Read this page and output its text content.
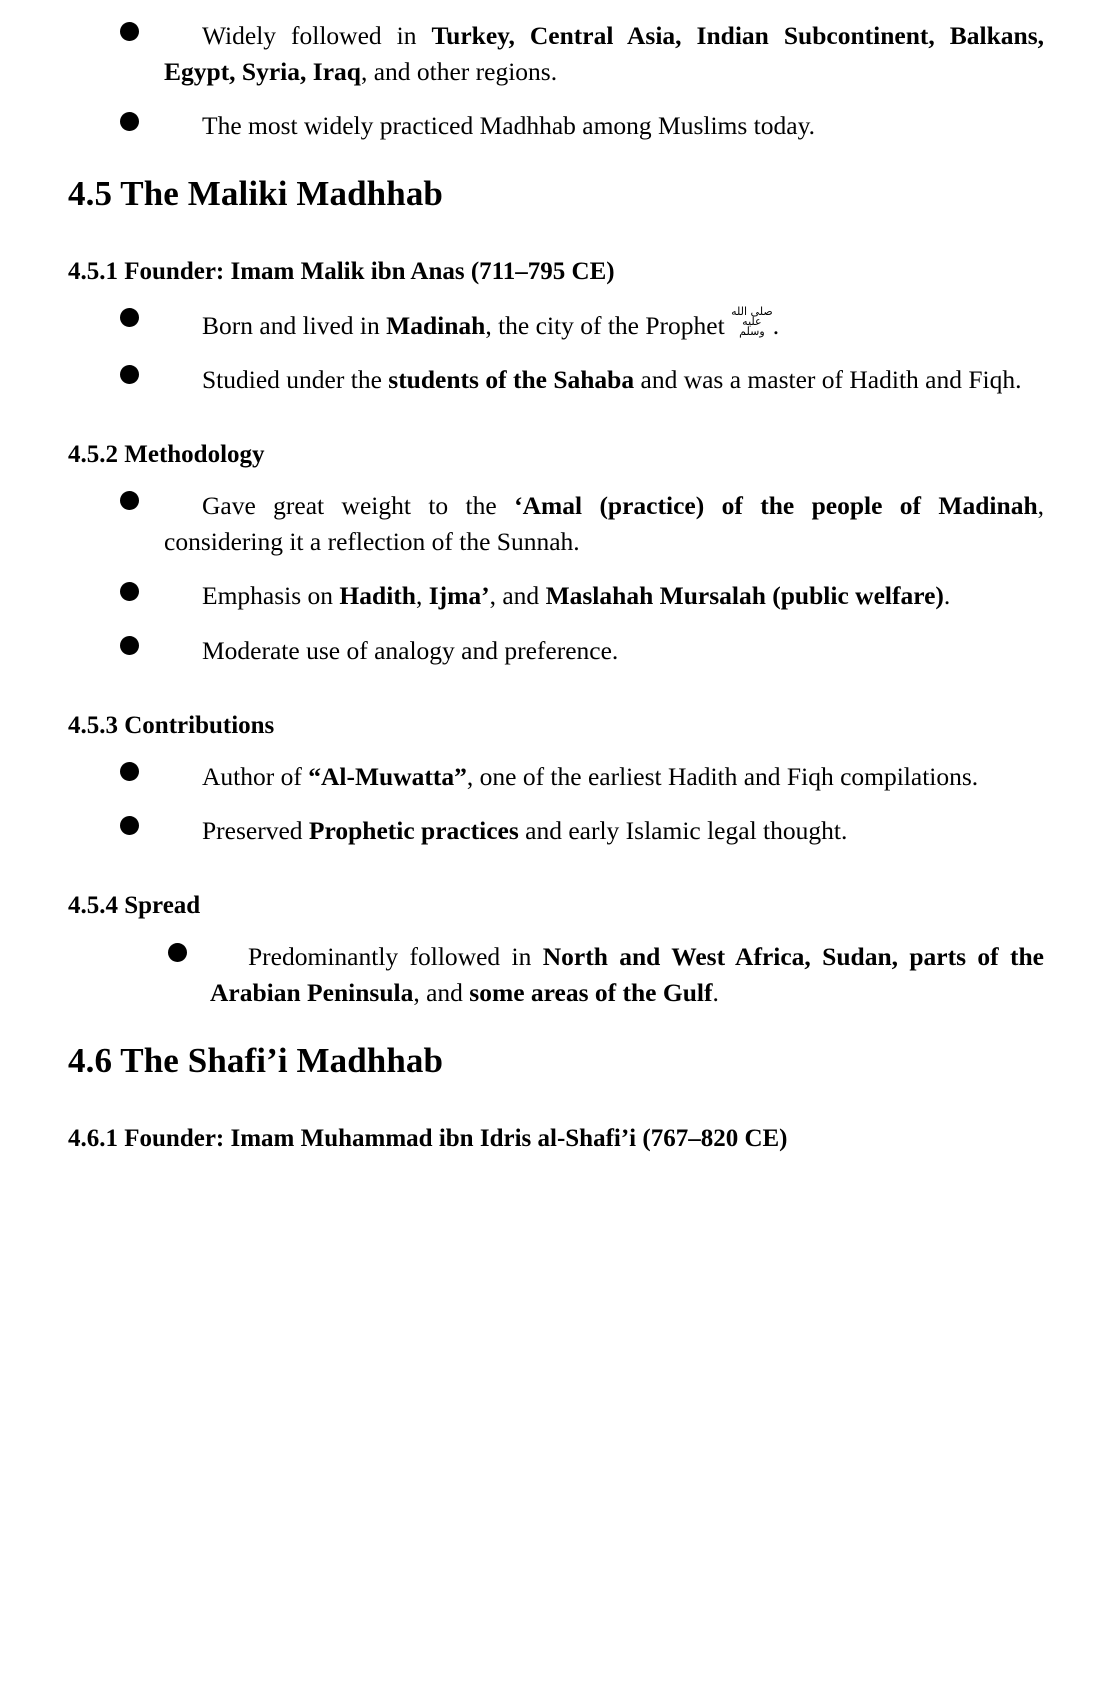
Widely followed in Turkey, Central Asia, Indian Subcontinent, Balkans, Egypt, Syria, Iraq, and other regions.
The most widely practiced Madhhab among Muslims today.
4.5 The Maliki Madhhab
4.5.1 Founder: Imam Malik ibn Anas (711–795 CE)
Born and lived in Madinah, the city of the Prophet صلى الله
عليه
وسلم .
Studied under the students of the Sahaba and was a master of Hadith and Fiqh.
4.5.2 Methodology
Gave great weight to the ‘Amal (practice) of the people of Madinah, considering it a reflection of the Sunnah.
Emphasis on Hadith, Ijma’, and Maslahah Mursalah (public welfare).
Moderate use of analogy and preference.
4.5.3 Contributions
Author of “Al-Muwatta”, one of the earliest Hadith and Fiqh compilations.
Preserved Prophetic practices and early Islamic legal thought.
4.5.4 Spread
Predominantly followed in North and West Africa, Sudan, parts of the Arabian Peninsula, and some areas of the Gulf.
4.6 The Shafi’i Madhhab
4.6.1 Founder: Imam Muhammad ibn Idris al-Shafi’i (767–820 CE)
